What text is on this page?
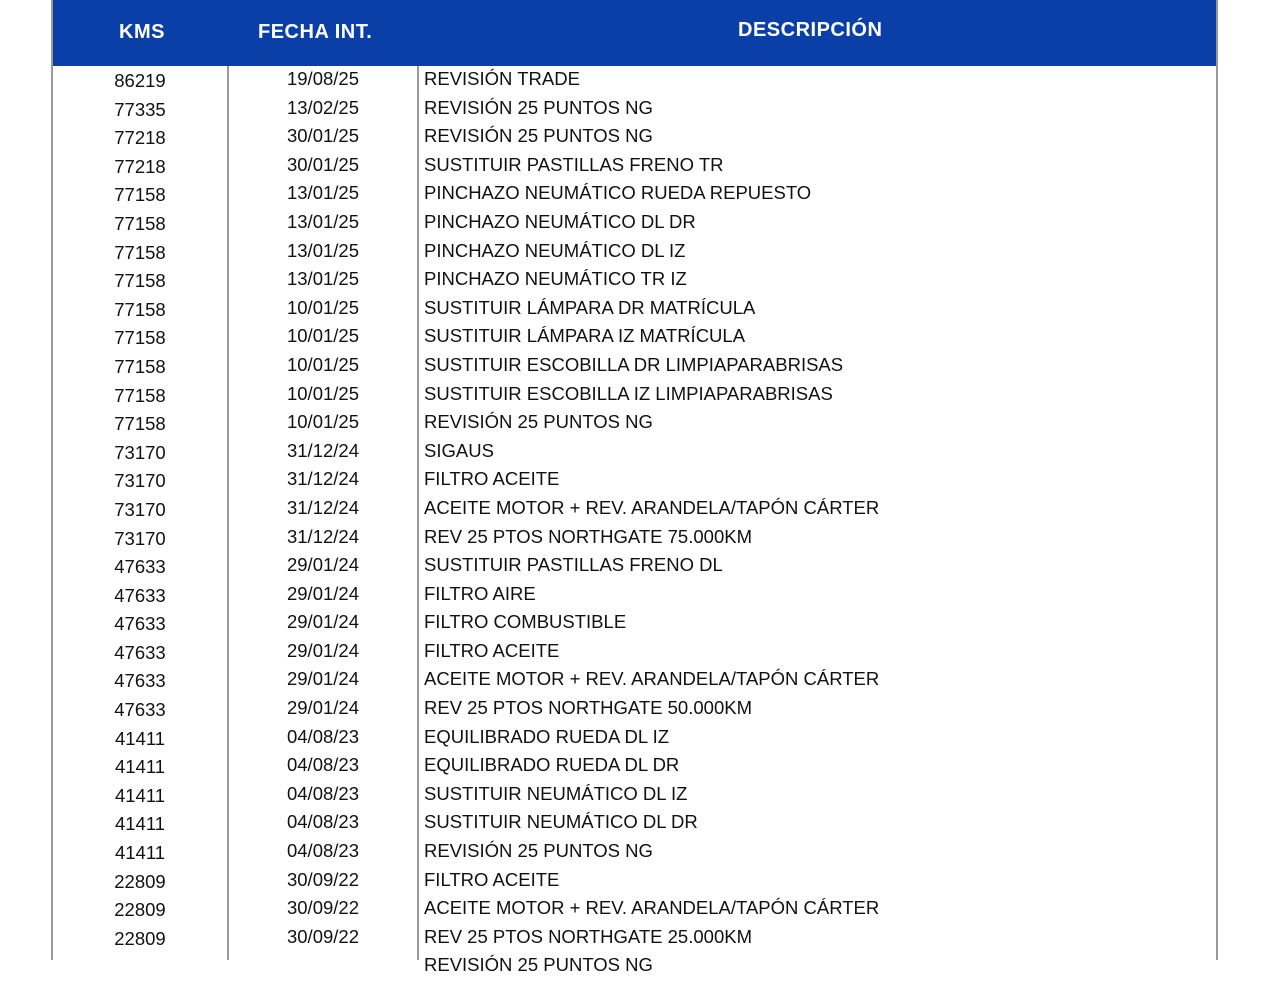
KMS	FECHA INT.	DESCRIPCIÓN
86219	19/08/25	REVISIÓN TRADE
77335	13/02/25	REVISIÓN 25 PUNTOS NG
77218	30/01/25	REVISIÓN 25 PUNTOS NG
77218	30/01/25	SUSTITUIR PASTILLAS FRENO TR
77158	13/01/25	PINCHAZO NEUMÁTICO RUEDA REPUESTO
77158	13/01/25	PINCHAZO NEUMÁTICO DL DR
77158	13/01/25	PINCHAZO NEUMÁTICO DL IZ
77158	13/01/25	PINCHAZO NEUMÁTICO TR IZ
77158	10/01/25	SUSTITUIR LÁMPARA DR MATRÍCULA
77158	10/01/25	SUSTITUIR LÁMPARA IZ MATRÍCULA
77158	10/01/25	SUSTITUIR ESCOBILLA DR LIMPIAPARABRISAS
77158	10/01/25	SUSTITUIR ESCOBILLA IZ LIMPIAPARABRISAS
77158	10/01/25	REVISIÓN 25 PUNTOS NG
73170	31/12/24	SIGAUS
73170	31/12/24	FILTRO ACEITE
73170	31/12/24	ACEITE MOTOR + REV. ARANDELA/TAPÓN CÁRTER
73170	31/12/24	REV 25 PTOS NORTHGATE 75.000KM
47633	29/01/24	SUSTITUIR PASTILLAS FRENO DL
47633	29/01/24	FILTRO AIRE
47633	29/01/24	FILTRO COMBUSTIBLE
47633	29/01/24	FILTRO ACEITE
47633	29/01/24	ACEITE MOTOR + REV. ARANDELA/TAPÓN CÁRTER
47633	29/01/24	REV 25 PTOS NORTHGATE 50.000KM
41411	04/08/23	EQUILIBRADO RUEDA DL IZ
41411	04/08/23	EQUILIBRADO RUEDA DL DR
41411	04/08/23	SUSTITUIR NEUMÁTICO DL IZ
41411	04/08/23	SUSTITUIR NEUMÁTICO DL DR
41411	04/08/23	REVISIÓN 25 PUNTOS NG
22809	30/09/22	FILTRO ACEITE
22809	30/09/22	ACEITE MOTOR + REV. ARANDELA/TAPÓN CÁRTER
22809	30/09/22	REV 25 PTOS NORTHGATE 25.000KM
REVISIÓN 25 PUNTOS NG
